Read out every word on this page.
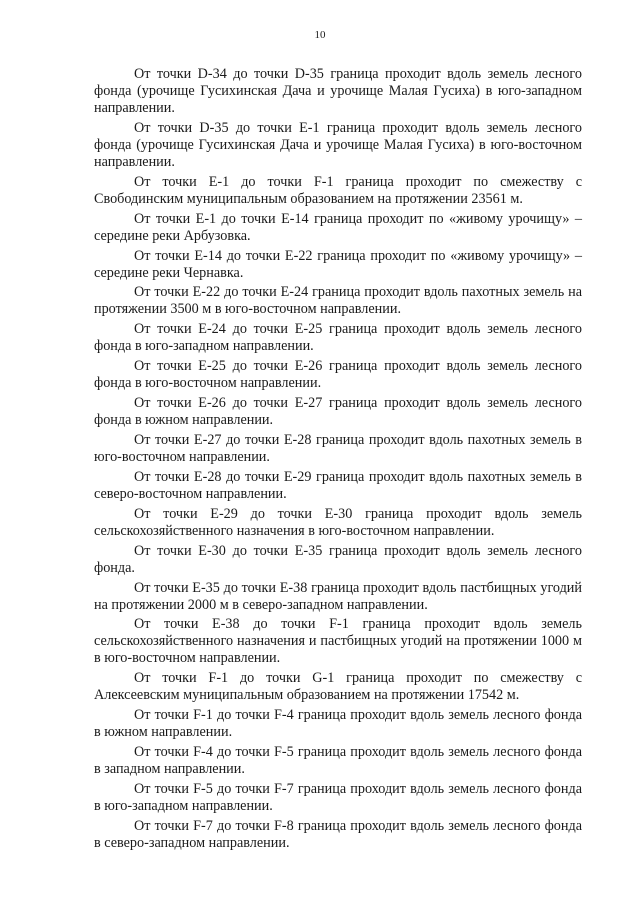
10

От точки D-34 до точки D-35 граница проходит вдоль земель лесного фонда (урочище Гусихинская Дача и урочище Малая Гусиха) в юго-западном направлении.

От точки D-35 до точки E-1 граница проходит вдоль земель лесного фонда (урочище Гусихинская Дача и урочище Малая Гусиха) в юго-восточном направлении.

От точки E-1 до точки F-1 граница проходит по смежеству с Свободинским муниципальным образованием на протяжении 23561 м.

От точки E-1 до точки E-14 граница проходит по «живому урочищу» – середине реки Арбузовка.

От точки E-14 до точки E-22 граница проходит по «живому урочищу» – середине реки Чернавка.

От точки E-22 до точки E-24 граница проходит вдоль пахотных земель на протяжении 3500 м в юго-восточном направлении.

От точки E-24 до точки E-25 граница проходит вдоль земель лесного фонда в юго-западном направлении.

От точки E-25 до точки E-26 граница проходит вдоль земель лесного фонда в юго-восточном направлении.

От точки E-26 до точки E-27 граница проходит вдоль земель лесного фонда в южном направлении.

От точки E-27 до точки E-28 граница проходит вдоль пахотных земель в юго-восточном направлении.

От точки E-28 до точки E-29 граница проходит вдоль пахотных земель в северо-восточном направлении.

От точки E-29 до точки E-30 граница проходит вдоль земель сельскохозяйственного назначения в юго-восточном направлении.

От точки E-30 до точки E-35 граница проходит вдоль земель лесного фонда.

От точки E-35 до точки E-38 граница проходит вдоль пастбищных угодий на протяжении 2000 м в северо-западном направлении.

От точки E-38 до точки F-1 граница проходит вдоль земель сельскохозяйственного назначения и пастбищных угодий на протяжении 1000 м в юго-восточном направлении.

От точки F-1 до точки G-1 граница проходит по смежеству с Алексеевским муниципальным образованием на протяжении 17542 м.

От точки F-1 до точки F-4 граница проходит вдоль земель лесного фонда в южном направлении.

От точки F-4 до точки F-5 граница проходит вдоль земель лесного фонда в западном направлении.

От точки F-5 до точки F-7 граница проходит вдоль земель лесного фонда в юго-западном направлении.

От точки F-7 до точки F-8 граница проходит вдоль земель лесного фонда в северо-западном направлении.
